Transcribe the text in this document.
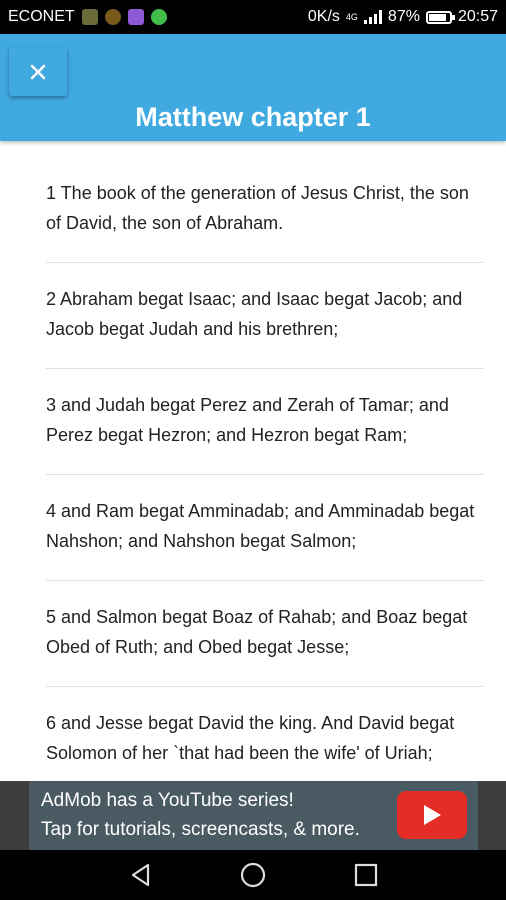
ECONET	0K/s 4G 87% 20:57
Matthew chapter 1
1 The book of the generation of Jesus Christ, the son of David, the son of Abraham.
2 Abraham begat Isaac; and Isaac begat Jacob; and Jacob begat Judah and his brethren;
3 and Judah begat Perez and Zerah of Tamar; and Perez begat Hezron; and Hezron begat Ram;
4 and Ram begat Amminadab; and Amminadab begat Nahshon; and Nahshon begat Salmon;
5 and Salmon begat Boaz of Rahab; and Boaz begat Obed of Ruth; and Obed begat Jesse;
6 and Jesse begat David the king. And David begat Solomon of her `that had been the wife' of Uriah;
AdMob has a YouTube series!
Tap for tutorials, screencasts, & more.
